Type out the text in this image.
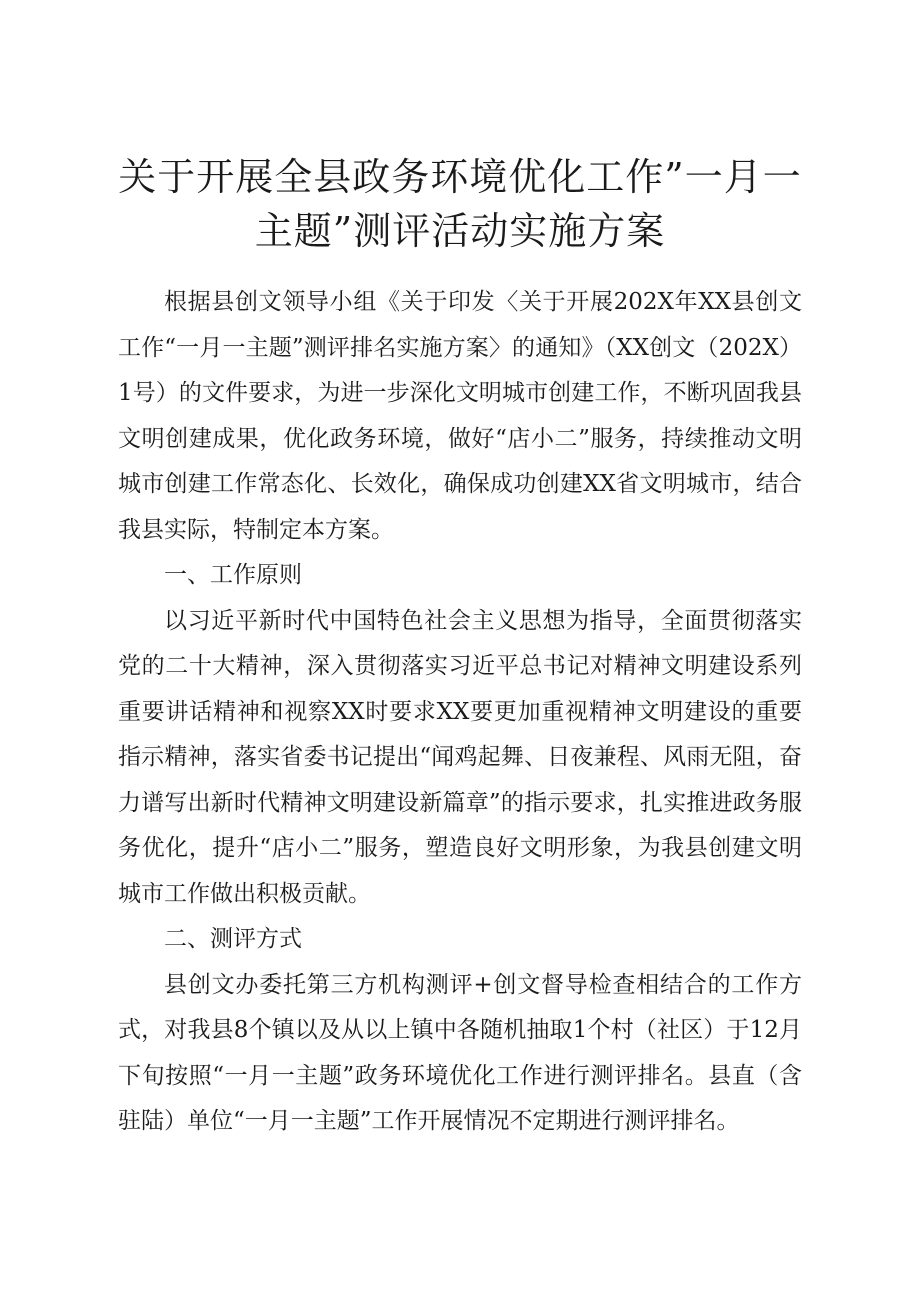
关于开展全县政务环境优化工作”一月一主题”测评活动实施方案

根据县创文领导小组《关于印发〈关于开展202X年XX县创文工作“一月一主题”测评排名实施方案〉的通知》（XX创文（202X）1号）的文件要求，为进一步深化文明城市创建工作，不断巩固我县文明创建成果，优化政务环境，做好“店小二”服务，持续推动文明城市创建工作常态化、长效化，确保成功创建XX省文明城市，结合我县实际，特制定本方案。

一、工作原则

以习近平新时代中国特色社会主义思想为指导，全面贯彻落实党的二十大精神，深入贯彻落实习近平总书记对精神文明建设系列重要讲话精神和视察XX时要求XX要更加重视精神文明建设的重要指示精神，落实省委书记提出“闻鸡起舞、日夜兼程、风雨无阻，奋力谱写出新时代精神文明建设新篇章”的指示要求，扎实推进政务服务优化，提升“店小二”服务，塑造良好文明形象，为我县创建文明城市工作做出积极贡献。

二、测评方式

县创文办委托第三方机构测评+创文督导检查相结合的工作方式，对我县8个镇以及从以上镇中各随机抽取1个村（社区）于12月下旬按照“一月一主题”政务环境优化工作进行测评排名。县直（含驻陆）单位“一月一主题”工作开展情况不定期进行测评排名。
